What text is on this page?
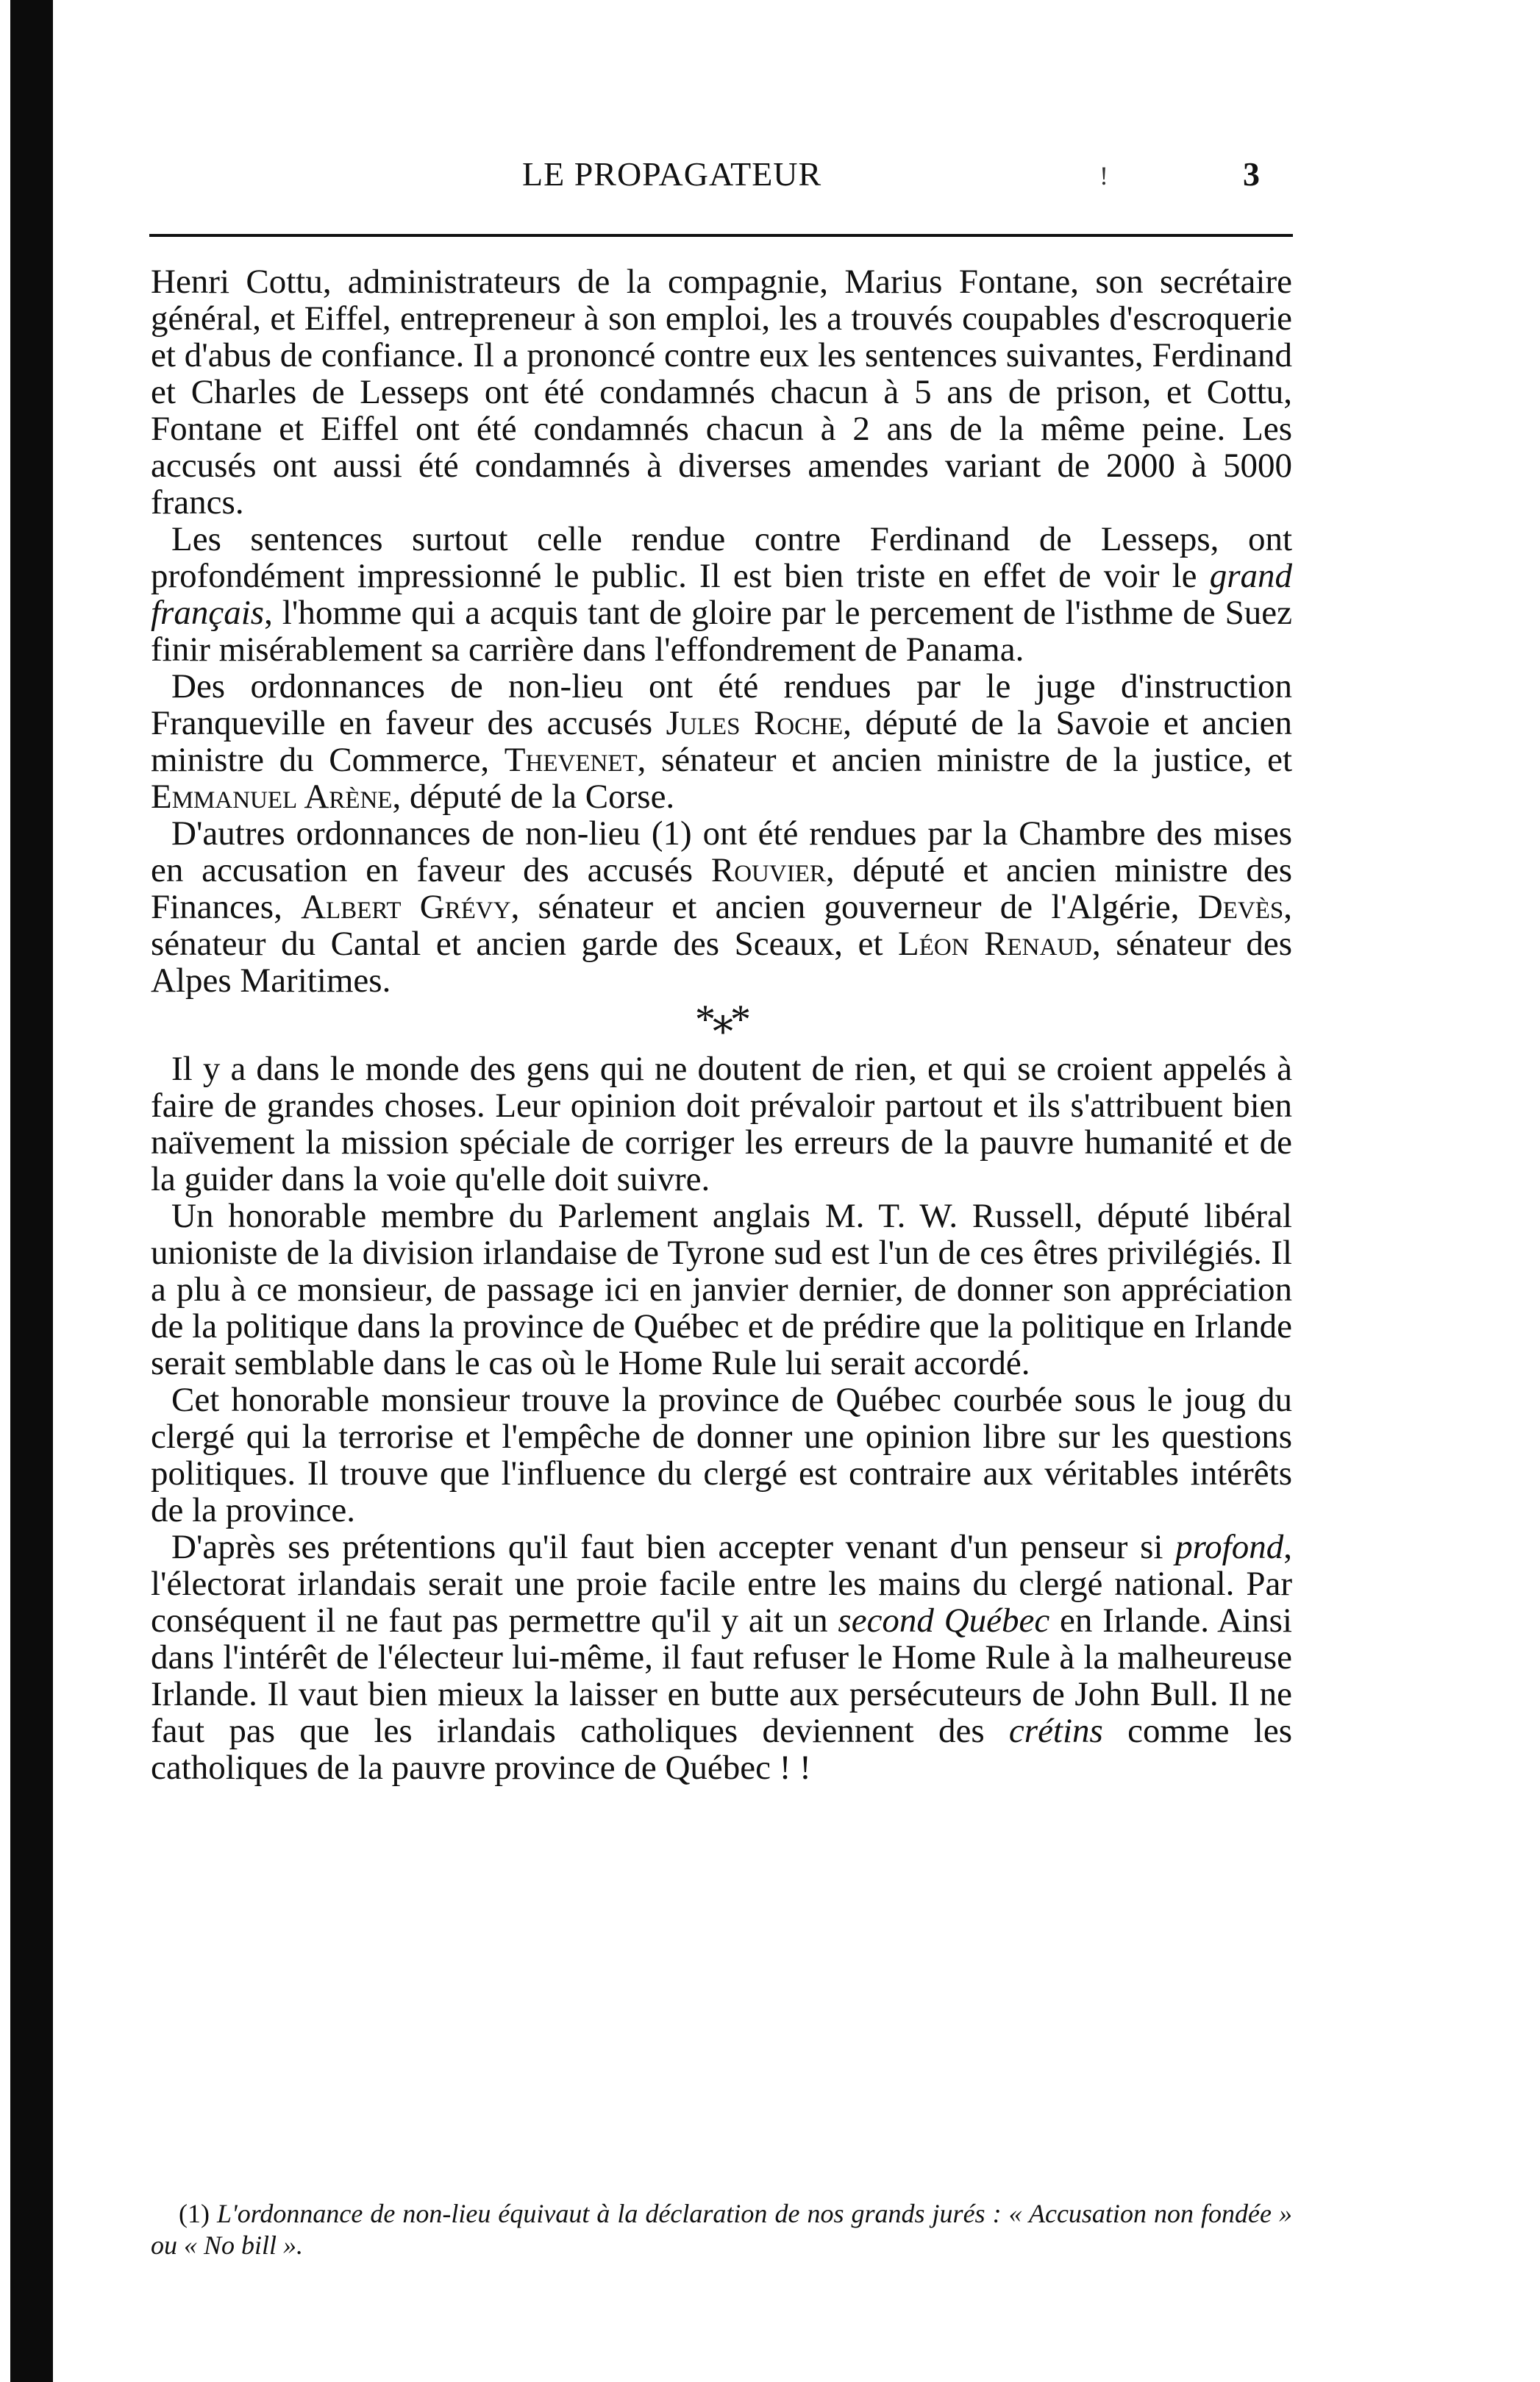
LE PROPAGATEUR	!	3

Henri Cottu, administrateurs de la compagnie, Marius Fontane, son secrétaire général, et Eiffel, entrepreneur à son emploi, les a trouvés coupables d'escroquerie et d'abus de confiance. Il a prononcé contre eux les sentences suivantes, Ferdinand et Charles de Lesseps ont été condamnés chacun à 5 ans de prison, et Cottu, Fontane et Eiffel ont été condamnés chacun à 2 ans de la même peine. Les accusés ont aussi été condamnés à diverses amendes variant de 2000 à 5000 francs.

Les sentences surtout celle rendue contre Ferdinand de Lesseps, ont profondément impressionné le public. Il est bien triste en effet de voir le grand français, l'homme qui a acquis tant de gloire par le percement de l'isthme de Suez finir misérablement sa carrière dans l'effondrement de Panama.

Des ordonnances de non-lieu ont été rendues par le juge d'instruction Franqueville en faveur des accusés Jules Roche, député de la Savoie et ancien ministre du Commerce, Thevenet, sénateur et ancien ministre de la justice, et Emmanuel Arène, député de la Corse.

D'autres ordonnances de non-lieu (1) ont été rendues par la Chambre des mises en accusation en faveur des accusés Rouvier, député et ancien ministre des Finances, Albert Grévy, sénateur et ancien gouverneur de l'Algérie, Devès, sénateur du Cantal et ancien garde des Sceaux, et Léon Renaud, sénateur des Alpes Maritimes.

*⁎*

Il y a dans le monde des gens qui ne doutent de rien, et qui se croient appelés à faire de grandes choses. Leur opinion doit prévaloir partout et ils s'attribuent bien naïvement la mission spéciale de corriger les erreurs de la pauvre humanité et de la guider dans la voie qu'elle doit suivre.

Un honorable membre du Parlement anglais M. T. W. Russell, député libéral unioniste de la division irlandaise de Tyrone sud est l'un de ces êtres privilégiés. Il a plu à ce monsieur, de passage ici en janvier dernier, de donner son appréciation de la politique dans la province de Québec et de prédire que la politique en Irlande serait semblable dans le cas où le Home Rule lui serait accordé.

Cet honorable monsieur trouve la province de Québec courbée sous le joug du clergé qui la terrorise et l'empêche de donner une opinion libre sur les questions politiques. Il trouve que l'influence du clergé est contraire aux véritables intérêts de la province.

D'après ses prétentions qu'il faut bien accepter venant d'un penseur si profond, l'électorat irlandais serait une proie facile entre les mains du clergé national. Par conséquent il ne faut pas permettre qu'il y ait un second Québec en Irlande. Ainsi dans l'intérêt de l'électeur lui-même, il faut refuser le Home Rule à la malheureuse Irlande. Il vaut bien mieux la laisser en butte aux persécuteurs de John Bull. Il ne faut pas que les irlandais catholiques deviennent des crétins comme les catholiques de la pauvre province de Québec ! !

(1) L'ordonnance de non-lieu équivaut à la déclaration de nos grands jurés : « Accusation non fondée » ou « No bill ».
